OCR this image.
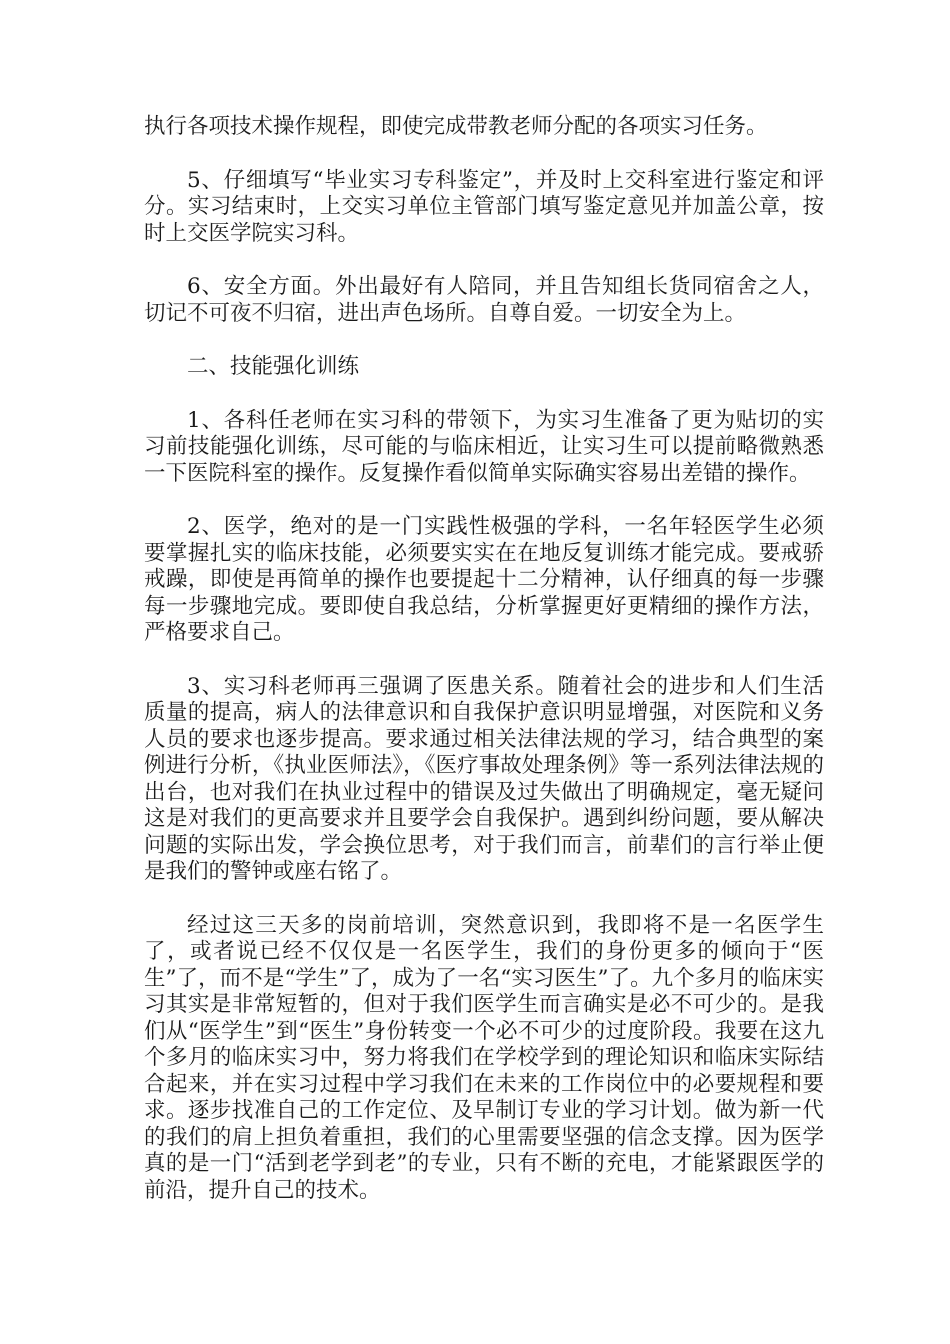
执行各项技术操作规程，即使完成带教老师分配的各项实习任务。

5、仔细填写“毕业实习专科鉴定”，并及时上交科室进行鉴定和评分。实习结束时，上交实习单位主管部门填写鉴定意见并加盖公章，按时上交医学院实习科。

6、安全方面。外出最好有人陪同，并且告知组长货同宿舍之人，切记不可夜不归宿，进出声色场所。自尊自爱。一切安全为上。

二、技能强化训练

1、各科任老师在实习科的带领下，为实习生准备了更为贴切的实习前技能强化训练，尽可能的与临床相近，让实习生可以提前略微熟悉一下医院科室的操作。反复操作看似简单实际确实容易出差错的操作。

2、医学，绝对的是一门实践性极强的学科，一名年轻医学生必须要掌握扎实的临床技能，必须要实实在在地反复训练才能完成。要戒骄戒躁，即使是再简单的操作也要提起十二分精神，认仔细真的每一步骤每一步骤地完成。要即使自我总结，分析掌握更好更精细的操作方法，严格要求自己。

3、实习科老师再三强调了医患关系。随着社会的进步和人们生活质量的提高，病人的法律意识和自我保护意识明显增强，对医院和义务人员的要求也逐步提高。要求通过相关法律法规的学习，结合典型的案例进行分析，《执业医师法》，《医疗事故处理条例》等一系列法律法规的出台，也对我们在执业过程中的错误及过失做出了明确规定，毫无疑问这是对我们的更高要求并且要学会自我保护。遇到纠纷问题，要从解决问题的实际出发，学会换位思考，对于我们而言，前辈们的言行举止便是我们的警钟或座右铭了。

经过这三天多的岗前培训，突然意识到，我即将不是一名医学生了，或者说已经不仅仅是一名医学生，我们的身份更多的倾向于“医生”了，而不是“学生”了，成为了一名“实习医生”了。九个多月的临床实习其实是非常短暂的，但对于我们医学生而言确实是必不可少的。是我们从“医学生”到“医生”身份转变一个必不可少的过度阶段。我要在这九个多月的临床实习中，努力将我们在学校学到的理论知识和临床实际结合起来，并在实习过程中学习我们在未来的工作岗位中的必要规程和要求。逐步找准自己的工作定位、及早制订专业的学习计划。做为新一代的我们的肩上担负着重担，我们的心里需要坚强的信念支撑。因为医学真的是一门“活到老学到老”的专业，只有不断的充电，才能紧跟医学的前沿，提升自己的技术。
